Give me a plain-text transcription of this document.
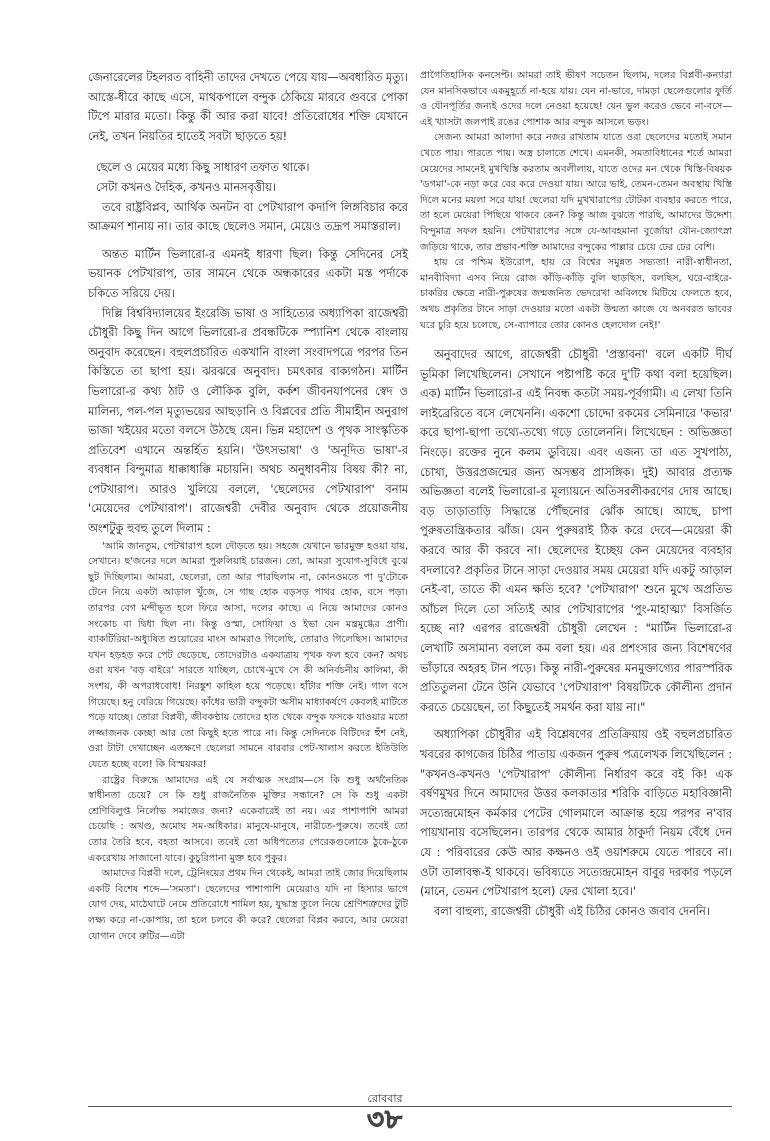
জেনারেলের টহলরত বাহিনী তাদের দেখতে পেয়ে যায়—অবধারিত মৃত্যু। আস্তে-ধীরে কাছে এসে, মাথকপালে বন্দুক ঠেকিয়ে মারবে গুবরে পোকা টিপে মারার মতো। কিন্তু কী আর করা যাবে! প্রতিরোধের শক্তি যেখানে নেই, তখন নিয়তির হাতেই সবটা ছাড়তে হয়!

ছেলে ও মেয়ের মধ্যে কিছু সাধারণ তফাত থাকে।
সেটা কখনও দৈহিক, কখনও মানসবৃত্তীয়।

তবে রাষ্ট্রবিপ্লব, আর্থিক অনটন বা পেটখারাপ কদাপি লিঙ্গবিচার করে আক্রমণ শানায় না। তার কাছে ছেলেও সমান, মেয়েও তদ্রূপ সমাস্তরাল।

অন্তত মার্টিন ভিলারো-র এমনই ধারণা ছিল। কিন্তু সেদিনের সেই ভয়ানক পেটখারাপ, তার সামনে থেকে অন্ধকারের একটা মস্ত পর্দাকে চকিতে সরিয়ে দেয়।

দিল্লি বিশ্ববিদ্যালয়ের ইংরেজি ভাষা ও সাহিত্যের অধ্যাপিকা রাজেশ্বরী চৌধুরী কিছু দিন আগে ভিলারো-র প্রবন্ধটিকে স্প্যানিশ থেকে বাংলায় অনুবাদ করেছেন। বহুলপ্রচারিত একখানি বাংলা সংবাদপত্রে পরপর তিন কিস্তিতে তা ছাপা হয়। ঝরঝরে অনুবাদ। চমৎকার বাক্যগঠন। মার্টিন ভিলারো-র কথ্য ঠাট ও লৌকিক বুলি, কর্কশ জীবনযাপনের স্বেদ ও মালিন্য, পল-পল মৃত্যুভয়ের আছড়ানি ও বিপ্লবের প্রতি সীমাহীন অনুরাগ ভাজা খইয়ের মতো বলসে উঠছে যেন। ভিন্ন মহাদেশ ও পৃথক সাংস্কৃতিক প্রতিবেশ এখানে অন্তর্হিত হয়নি। 'উৎসভাষা' ও 'অনূদিত ভাষা'-র ব্যবধান বিন্দুমাত্র ধাক্কাধাক্কি মচায়নি। অথচ অনুধাবনীয় বিষয় কী? না, পেটখারাপ। আরও খুলিয়ে বললে, 'ছেলেদের পেটখারাপ' বনাম 'মেয়েদের পেটখারাপ'। রাজেশ্বরী দেবীর অনুবাদ থেকে প্রয়োজনীয় অংশটুকু হুবহু তুলে দিলাম :

'আমি জানতুম, পেটখারাপ হলে দৌড়তে হয়। সহজে যেখানে ভারমুক্ত হওয়া যায়, সেখানে। ছ'জনের দলে আমরা পুরুলিয়াই চারজন। তো, আমরা সুযোগ-সুবিধে বুঝে ছুট দিচ্ছিলাম। আমরা, ছেলেরা, তো আর পারছিলাম না, কোনওমতে পা দু'টোকে টেনে নিয়ে একটা আড়াল খুঁজে, সে গাছ হোক বড়সড় পাথর হোক, বসে পড়া। তারপর বেগ মন্দীভূত হলে ফিরে আসা, দলের কাছে। এ নিয়ে আমাদের কোনও সংকোচ বা দ্বিধা ছিল না। কিন্তু ওস্মা, সোফিয়া ও ইভা যেন মন্ত্রমুগ্ধের প্রাণী। ব্যাকটিরিয়া-অধ্যুষিত শুয়োরের মাংস আমরাও গিলেছি, তোরাও গিলেছিস। আমাদের যখন হড়হড় করে পেট ছেড়েছে, তোদেরটাও একযাত্রায় পৃথক ফল হবে কেন? অথচ ওরা যখন 'বড় বাইরে' সারতে যাচ্ছিল, চোখে-মুখে সে কী অনির্বচনীয় কালিমা, কী সংশয়, কী অপরাধবোধ! নিরঙ্কুশ কাহিল হয়ে পড়েছে। হাঁটার শক্তি নেই। গাল বসে গিয়েছে। হনু বেরিয়ে গিয়েছে। কাঁধের ভারী বন্দুকটা অসীম মাধ্যাকর্ষণে কেবলই মাটিতে পড়ে যাচ্ছে। তোরা বিপ্লবী, জীবকণ্ঠায় তোদের হাত থেকে বন্দুক ফসকে যাওয়ার মতো লজ্জাজনক কেচ্ছা আর তো কিছুই হতে পারে না। কিন্তু সেদিনকে বিটিদের হুঁশ নেই, ওরা টাটা দেখাচ্ছেন এতক্ষণে ছেলেরা সামনে বারবার পেট-খালাস করতে ইতিউতি যেতে হচ্ছে বলে! কি বিস্ময়কর!

রাষ্ট্রের বিরুদ্ধে আমাদের এই যে সর্বাত্মক সংগ্রাম—সে কি শুধু অর্থনৈতিক স্বাধীনতা চেয়ে? সে কি শুধু রাজনৈতিক মুক্তির সন্ধানে? সে কি শুধু একটা শ্রেণিবিলুপ্ত নির্লোভ সমাজের জন্য? একেবারেই তা নয়। এর পাশাপাশি আমরা চেয়েছি : অখণ্ড, অমোঘ সম-অধিকার। মানুষে-মানুষে, নারীতে-পুরুষে। তবেই তো তোর তৈরি হবে, বহতা আসবে। তবেই তো অধিপত্যের পেরেকগুলোকে ঠুকে-ঠুকে একরেখায় সাজানো যাবে। কুচুরিপানা মুক্ত হবে পুকুর।

আমাদের বিপ্লবী দলে, ট্রেনিংয়ের প্রথম দিন থেকেই, আমরা তাই জোর দিয়েছিলাম একটি বিশেষ শব্দে—'সমতা'। ছেলেদের পাশাপাশি মেয়েরাও যদি না হিস্যার ভাগে যোগ দেয়, মাঠেঘাটে নেমে প্রতিরোধে শামিল হয়, যুদ্ধাস্ত্র তুলে নিয়ে শ্রেণিশত্রুদের টুটি লক্ষ্য করে না-কোপায়, তা হলে চলবে কী করে? ছেলেরা বিপ্লব করবে, আর মেয়েরা যোগান দেবে রুটির—এটা

প্রাগৈতিহাসিক কনসেপ্ট। আমরা তাই ভীষণ সচেতন ছিলাম, দলের বিপ্লবী-কন্যারা যেন মানসিকভাবে একমুহূর্তে না-হয়ে যায়। যেন না-ভাবে, দামড়া ছেলেগুলোর ফুর্তি ও যৌনপূর্তির জন্যই ওদের দলে নেওয়া হয়েছে! যেন ভুল করেও ভেবে না-বসে—এই খ্যাসটা জলপাই রঙের পোশাক আর বন্দুক আসলে ভড়ং।

সেজন্য আমরা আলাদা করে নজর রাখতাম যাতে ওরা ছেলেদের মতোই সমান খেতে পায়। পারতে পায়। অস্ত্র চালাতে শেখে। এমনকী, সমতাবিধানের শর্তে আমরা মেয়েদের সামনেই মুখখিস্তি করতাম অবলীলায়, যাতে ওদের মন থেকে খিস্তি-বিষয়ক 'ডগমা'-কে নড়া করে বের করে দেওয়া যায়। আরে ভাই, তেমন-তেমন অবস্থায় খিস্তি দিলে মনের ময়লা সরে যায়! ছেলেরা যদি মুখখারাপের টোটকা ব্যবহার করতে পারে, তা হলে মেয়েরা পিছিয়ে থাকবে কেন? কিন্তু আজ বুঝতে পারছি, আমাদের উদ্দেশ্য বিন্দুমাত্র সফল হয়নি। পেটখারাপের সঙ্গে যে-আবহমানা বুর্জোয়া যৌন-জ্যোৎস্না জড়িয়ে থাকে, তার প্রভাব-শক্তি আমাদের বন্দুকের পাল্লার চেয়ে ঢের ঢের বেশি।

হায় রে পশ্চিম ইউরোপ, হায় রে বিশ্বের সমুন্নত সভ্যতা! নারী-স্বাধীনতা, মানবীবিদ্যা এসব নিয়ে রোজ কাঁড়ি-কাঁড়ি বুলি ছাড়ছিস, বলছিস, ঘরে-বাইরে-চাকরির ক্ষেত্রে নারী-পুরুষের জন্মজনিত ভেদরেখা অবিলম্বে মিটিয়ে ফেলতে হবে, অথচ প্রকৃতির টানে সাড়া দেওয়ার মতো একটা উন্মতা কাজে যে অনবরত ভাবের ঘরে চুরি হয়ে চলেছে, সে-ব্যাপারে তোর কোনও হেলদোল নেই!'

অনুবাদের আগে, রাজেশ্বরী চৌধুরী 'প্রস্তাবনা' বলে একটি দীর্ঘ ভূমিকা লিখেছিলেন। সেখানে পষ্টাপষ্টি করে দু'টি কথা বলা হয়েছিল। এক) মার্টিন ভিলারো-র এই নিবন্ধ কতটা সময়-পূর্বগামী। এ লেখা তিনি লাইব্রেরিতে বসে লেখেননি। একশো চোদ্দো রকমের সেমিনারে 'কভার' করে ছাপা-ছাপা তথ্যে-তথ্যে গড়ে তোলেননি। লিখেছেন : অভিজ্ঞতা নিংড়ে। রক্তের নুনে কলম ডুবিয়ে। এবং এজন্য তা এত সুখপাঠ্য, চোখা, উত্তরপ্রজন্মের জন্য অসম্ভব প্রাসঙ্গিক। দুই) আবার প্রত্যক্ষ অভিজ্ঞতা বলেই ভিলারো-র মূল্যায়নে অতিসরলীকরণের দোষ আছে। বড় তাড়াতাড়ি সিদ্ধান্তে পৌঁছনোর ঝোঁক আছে। আছে, চাপা পুরুষতান্ত্রিকতার ঝাঁজ। যেন পুরুষরাই ঠিক করে দেবে—মেয়েরা কী করবে আর কী করবে না। ছেলেদের ইচ্ছেয় কেন মেয়েদের ব্যবহার বদলাবে? প্রকৃতির টানে সাড়া দেওয়ার সময় মেয়েরা যদি একটু আড়াল নেই-বা, তাতে কী এমন ক্ষতি হবে? 'পেটখারাপ' শুনে মুখে অপ্রতিভ আঁচল দিলে তো সত্যিই আর পেটখারাপের 'পুং-মাহাত্ম্য' বিসর্জিত হচ্ছে না? এরপর রাজেশ্বরী চৌধুরী লেখেন : "মার্টিন ভিলারো-র লেখাটি অসামান্য বললে কম বলা হয়। এর প্রশংসার জন্য বিশেষণের ভাঁড়ারে অহরহ টান পড়ে। কিন্তু নারী-পুরুষের মনমুক্তাগ্যের পারস্পরিক প্রতিতুলনা টেনে উনি যেভাবে 'পেটখারাপ' বিষয়টিকে কৌলীন্য প্রদান করতে চেয়েছেন, তা কিছুতেই সমর্থন করা যায় না।"

অধ্যাপিকা চৌধুরীর এই বিশ্লেষণের প্রতিক্রিয়ায় ওই বহুলপ্রচারিত খবরের কাগজের চিঠির পাতায় একজন পুরুষ পত্রলেখক লিখেছিলেন : "কখনও-কখনও 'পেটখারাপ' কৌলীন্য নির্ধারণ করে বই কি! এক বর্ষণমুখর দিনে আমাদের উত্তর কলকাতার শরিকি বাড়িতে মহাবিজ্ঞানী সত্যেন্দ্রমোহন কর্মকার পেটের গোলমালে আক্রান্ত হয়ে পরপর ন'বার পায়খানায় বসেছিলেন। তারপর থেকে আমার ঠাকুর্দা নিয়ম বেঁধে দেন যে : পরিবারের কেউ আর কক্ষনও ওই ওয়াশরুমে যেতে পারবে না। ওটা তালাবন্ধ-ই থাকবে। ভবিষ্যতে সত্যেন্দ্রমোহন বাবুর দরকার পড়লে (মানে, তেমন পেটখারাপ হলে) ফের খোলা হবে।'

বলা বাহুল্য, রাজেশ্বরী চৌধুরী এই চিঠির কোনও জবাব দেননি।

রোববার
৩৮
